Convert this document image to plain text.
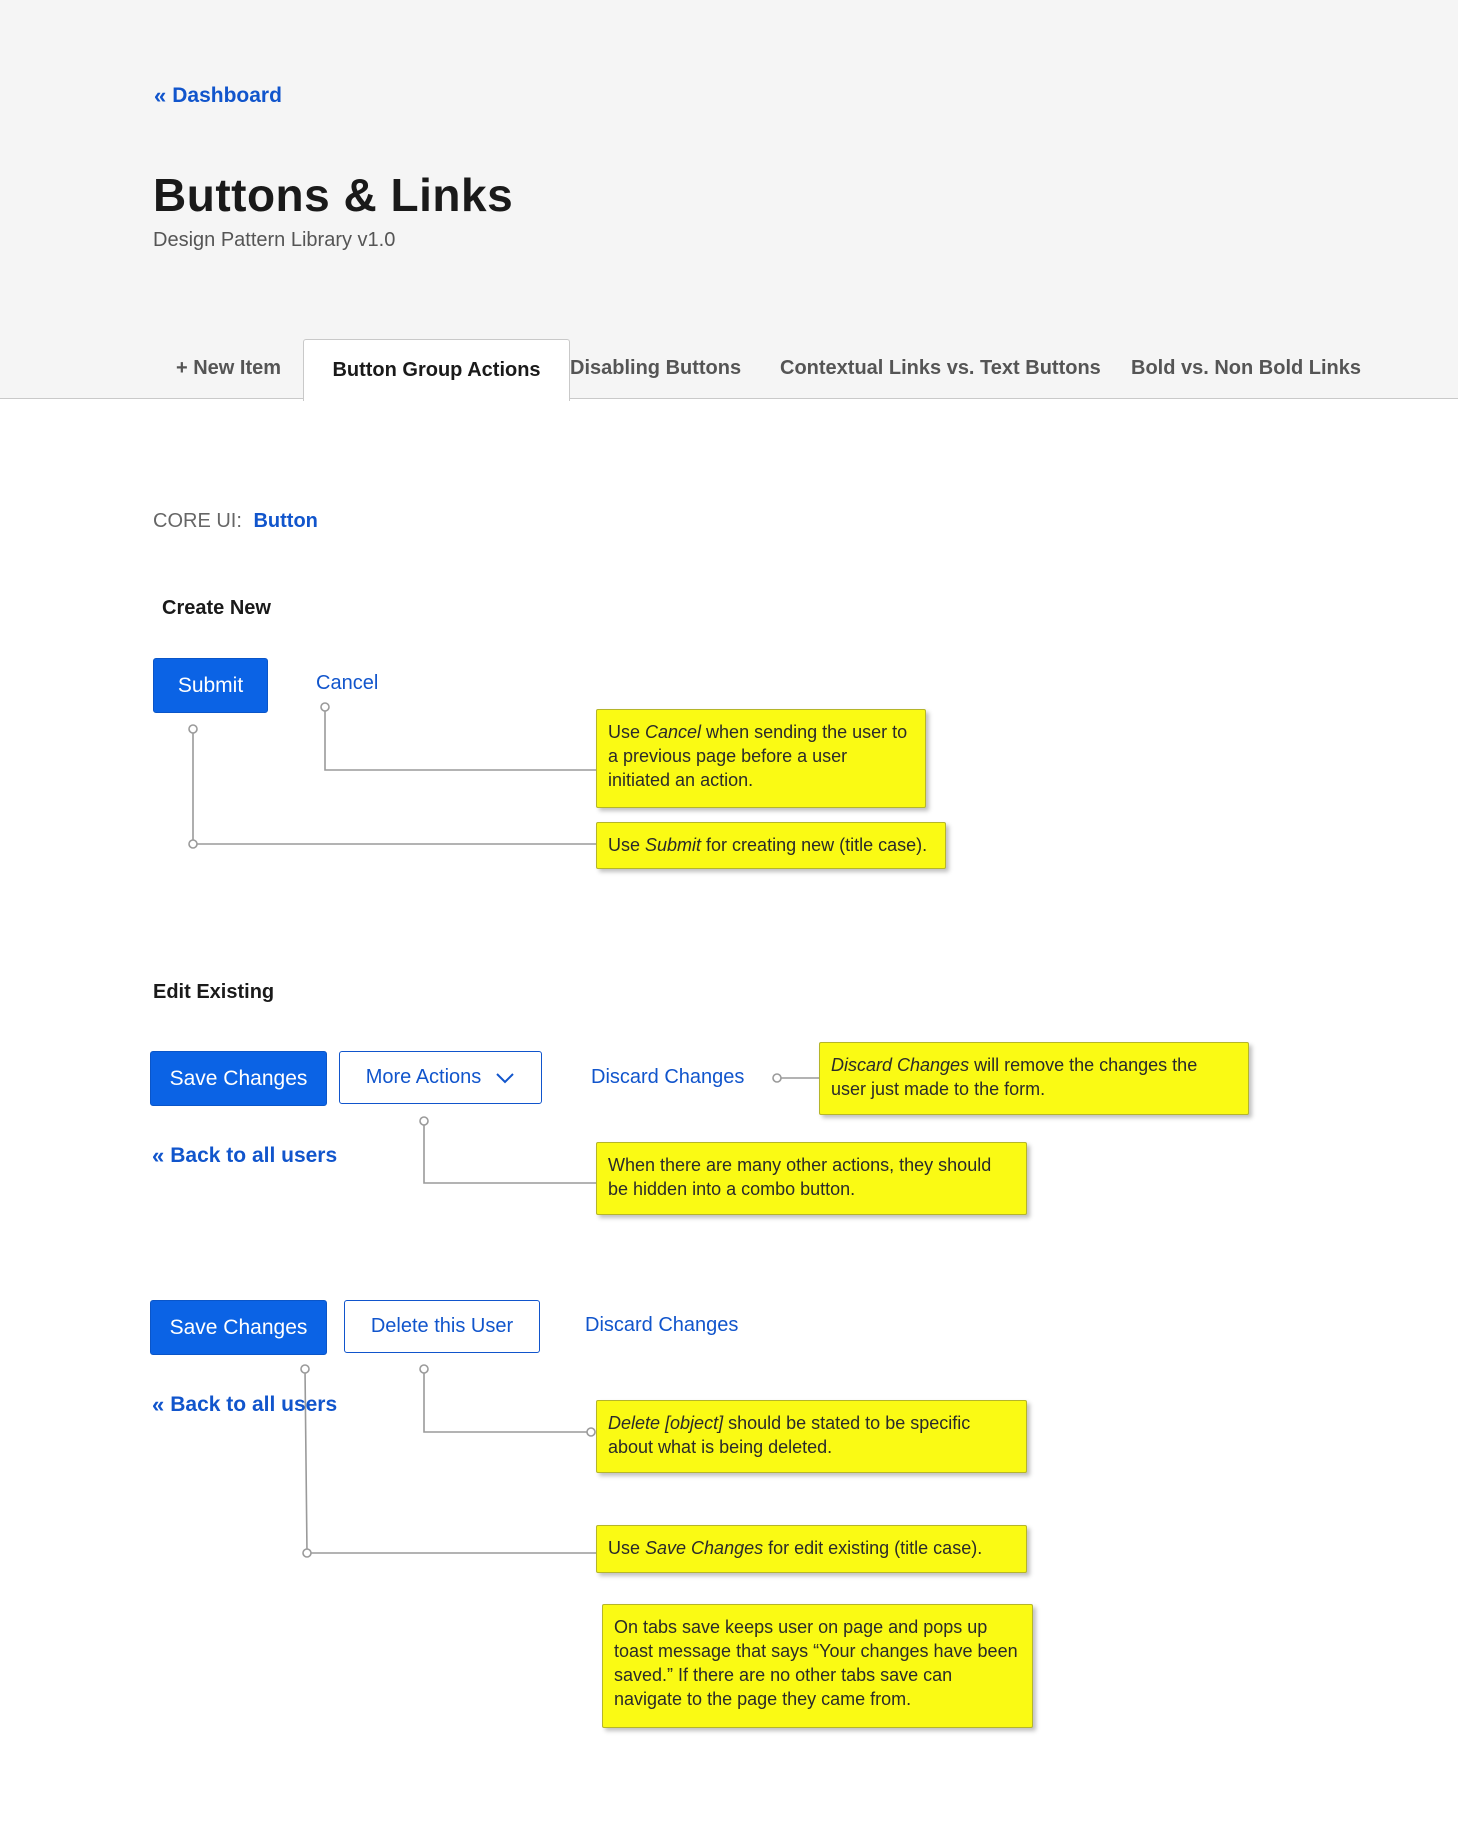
« Dashboard
Buttons & Links
Design Pattern Library v1.0
+ New Item	Button Group Actions Disabling Buttons Contextual Links vs. Text Buttons Bold vs. Non Bold Links
CORE UI: Button
Create New
Submit	Cancel
Use Cancel when sending the user to a previous page before a user initiated an action.
Use Submit for creating new (title case).
Edit Existing
Save Changes	More Actions	Discard Changes
« Back to all users
Discard Changes will remove the changes the user just made to the form.
When there are many other actions, they should be hidden into a combo button.
Save Changes	Delete this User	Discard Changes
« Back to all users
Delete [object] should be stated to be specific about what is being deleted.
Use Save Changes for edit existing (title case).
On tabs save keeps user on page and pops up toast message that says “Your changes have been saved.” If there are no other tabs save can navigate to the page they came from.
